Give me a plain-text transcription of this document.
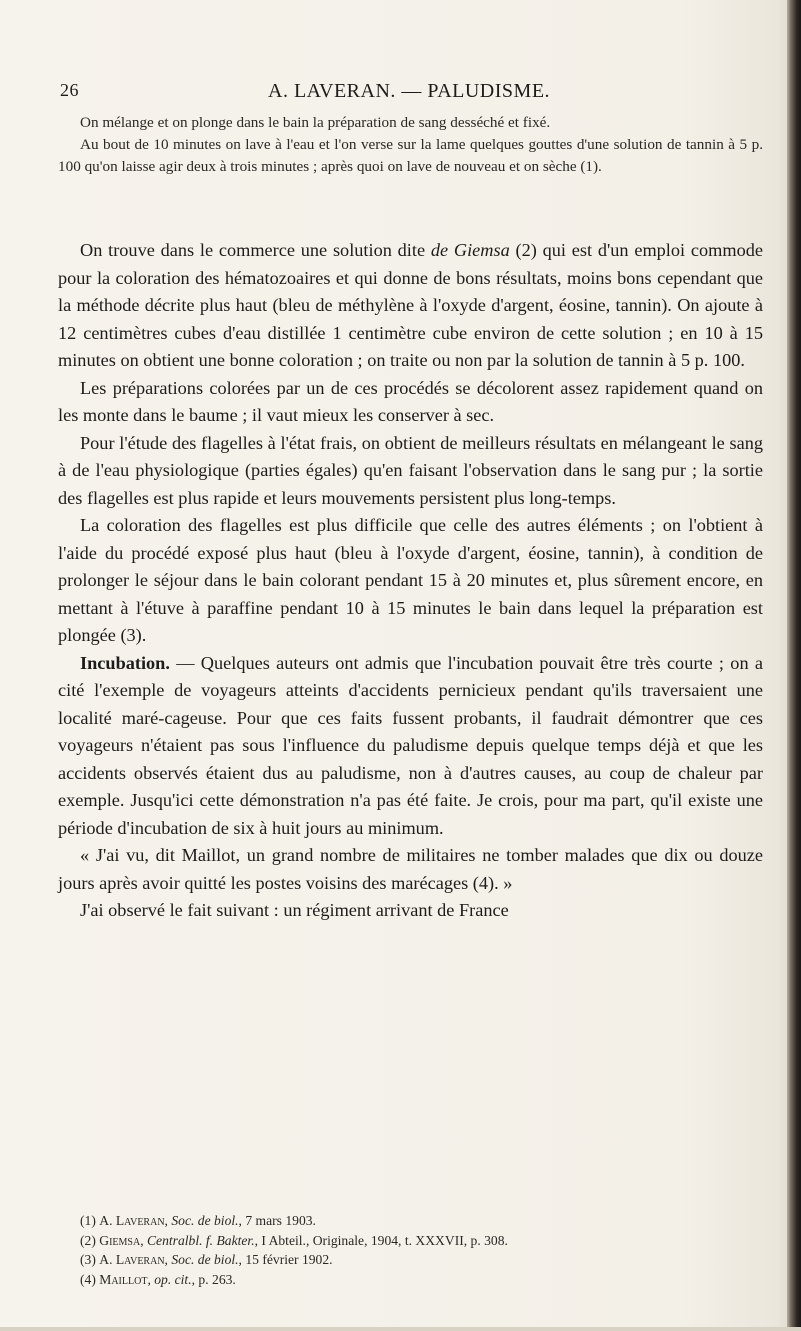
26	A. LAVERAN. — PALUDISME.

On mélange et on plonge dans le bain la préparation de sang desséché et fixé.

Au bout de 10 minutes on lave à l'eau et l'on verse sur la lame quelques gouttes d'une solution de tannin à 5 p. 100 qu'on laisse agir deux à trois minutes ; après quoi on lave de nouveau et on sèche (1).

On trouve dans le commerce une solution dite de Giemsa (2) qui est d'un emploi commode pour la coloration des hématozoaires et qui donne de bons résultats, moins bons cependant que la méthode décrite plus haut (bleu de méthylène à l'oxyde d'argent, éosine, tannin). On ajoute à 12 centimètres cubes d'eau distillée 1 centimètre cube environ de cette solution ; en 10 à 15 minutes on obtient une bonne coloration ; on traite ou non par la solution de tannin à 5 p. 100.

Les préparations colorées par un de ces procédés se décolorent assez rapidement quand on les monte dans le baume ; il vaut mieux les conserver à sec.

Pour l'étude des flagelles à l'état frais, on obtient de meilleurs résultats en mélangeant le sang à de l'eau physiologique (parties égales) qu'en faisant l'observation dans le sang pur ; la sortie des flagelles est plus rapide et leurs mouvements persistent plus long-temps.

La coloration des flagelles est plus difficile que celle des autres éléments ; on l'obtient à l'aide du procédé exposé plus haut (bleu à l'oxyde d'argent, éosine, tannin), à condition de prolonger le séjour dans le bain colorant pendant 15 à 20 minutes et, plus sûrement encore, en mettant à l'étuve à paraffine pendant 10 à 15 minutes le bain dans lequel la préparation est plongée (3).

Incubation. — Quelques auteurs ont admis que l'incubation pouvait être très courte ; on a cité l'exemple de voyageurs atteints d'accidents pernicieux pendant qu'ils traversaient une localité maré-cageuse. Pour que ces faits fussent probants, il faudrait démontrer que ces voyageurs n'étaient pas sous l'influence du paludisme depuis quelque temps déjà et que les accidents observés étaient dus au paludisme, non à d'autres causes, au coup de chaleur par exemple. Jusqu'ici cette démonstration n'a pas été faite. Je crois, pour ma part, qu'il existe une période d'incubation de six à huit jours au minimum.

« J'ai vu, dit Maillot, un grand nombre de militaires ne tomber malades que dix ou douze jours après avoir quitté les postes voisins des marécages (4). »

J'ai observé le fait suivant : un régiment arrivant de France

(1) A. Laveran, Soc. de biol., 7 mars 1903.
(2) Giemsa, Centralbl. f. Bakter., I Abteil., Originale, 1904, t. XXXVII, p. 308.
(3) A. Laveran, Soc. de biol., 15 février 1902.
(4) Maillot, op. cit., p. 263.
